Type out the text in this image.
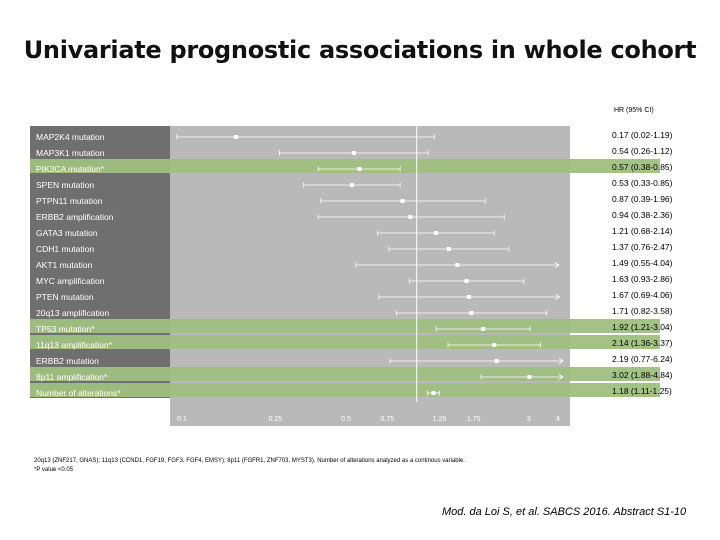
Univariate prognostic associations in whole cohort
HR (95% CI)
MAP2K4 mutation	0.17 (0.02-1.19)
MAP3K1 mutation	0.54 (0.26-1.12)
PIK3CA mutation*	0.57 (0.38-0.85)
SPEN mutation	0.53 (0.33-0.85)
PTPN11 mutation	0.87 (0.39-1.96)
ERBB2 amplification	0.94 (0.38-2.36)
GATA3 mutation	1.21 (0.68-2.14)
CDH1 mutation	1.37 (0.76-2.47)
AKT1 mutation	1.49 (0.55-4.04)
MYC amplification	1.63 (0.93-2.86)
PTEN mutation	1.67 (0.69-4.06)
20q13 amplification	1.71 (0.82-3.58)
TP53 mutation*	1.92 (1.21-3.04)
11q13 amplification*	2.14 (1.36-3.37)
ERBB2 mutation	2.19 (0.77-6.24)
8p11 amplification*	3.02 (1.88-4.84)
Number of alterations*	1.18 (1.11-1.25)
0.1	0.25	0.5	0.75	1.25	1.75	3	4
20q13 (ZNF217, GNAS); 11q13 (CCND1, FGF19, FGF3, FGF4, EMSY); 8p11 (FGFR1, ZNF703, MYST3). Number of alterations analyzed as a continous variable.
*P value <0.05
Mod. da Loi S, et al. SABCS 2016. Abstract S1-10
